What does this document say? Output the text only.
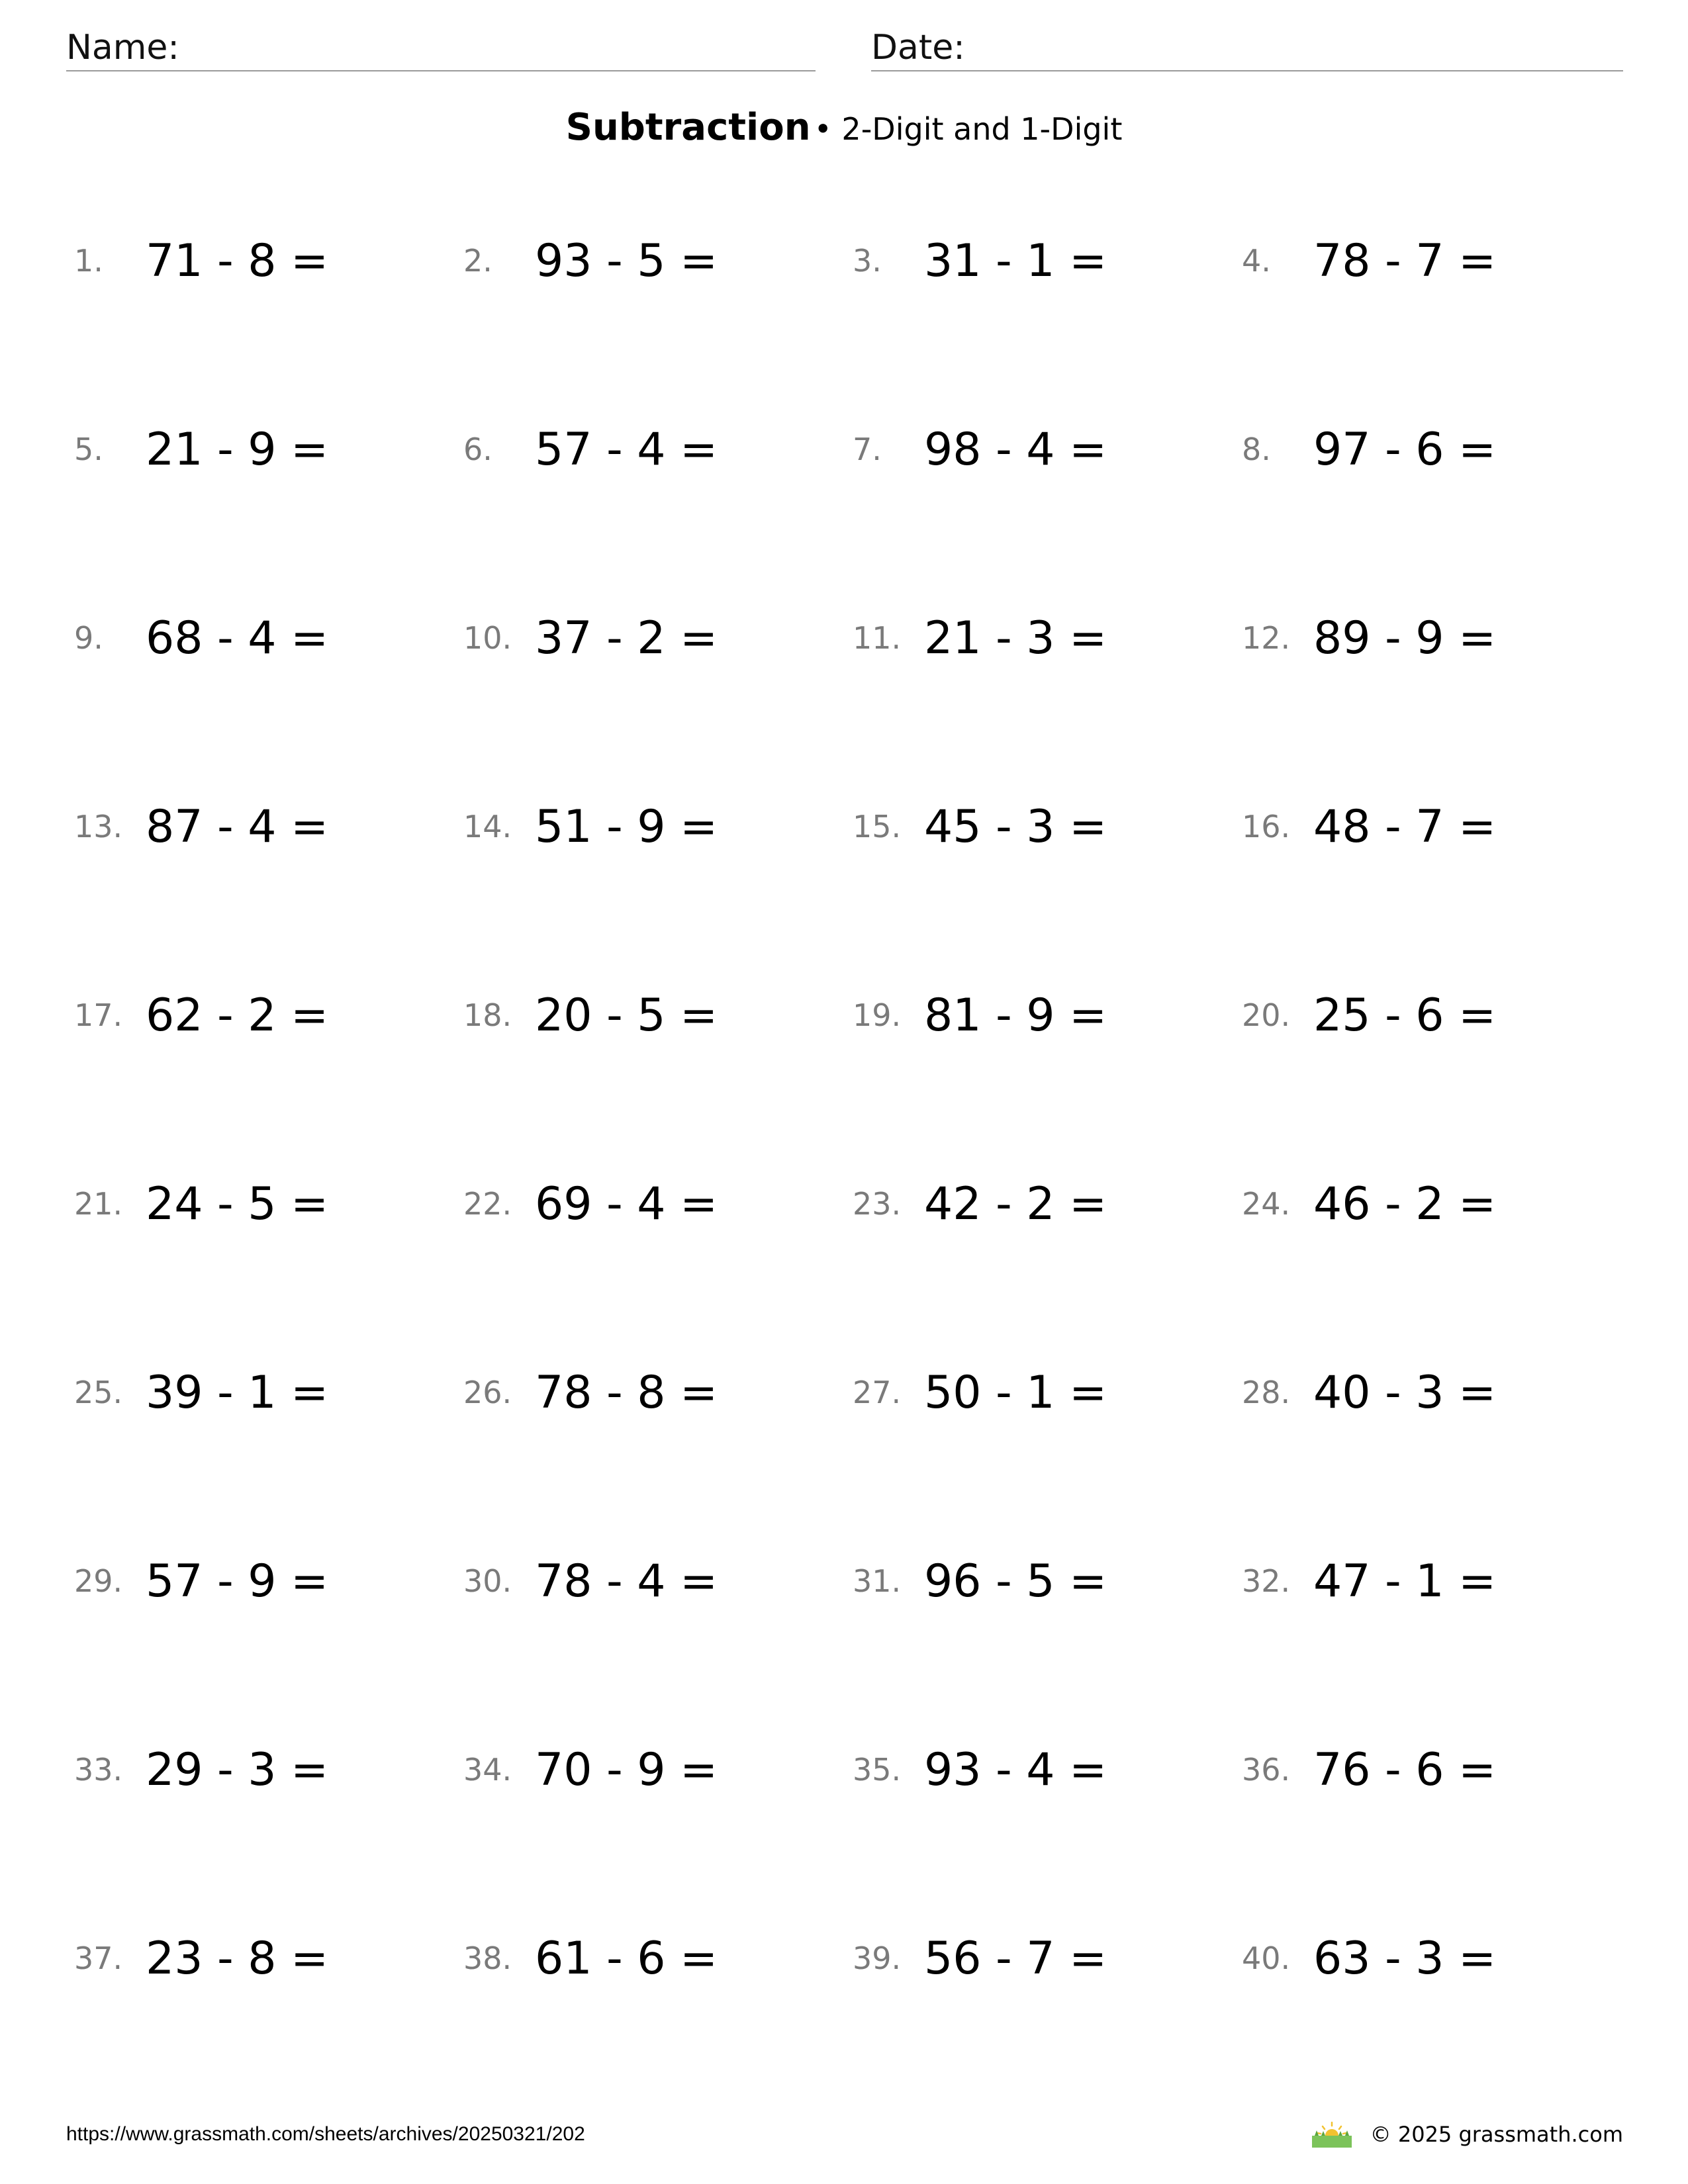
Name:	Date:
Subtraction • 2-Digit and 1-Digit
1. 71 - 8 =	2. 93 - 5 =	3. 31 - 1 =	4. 78 - 7 =
5. 21 - 9 =	6. 57 - 4 =	7. 98 - 4 =	8. 97 - 6 =
9. 68 - 4 =	10. 37 - 2 =	11. 21 - 3 =	12. 89 - 9 =
13. 87 - 4 =	14. 51 - 9 =	15. 45 - 3 =	16. 48 - 7 =
17. 62 - 2 =	18. 20 - 5 =	19. 81 - 9 =	20. 25 - 6 =
21. 24 - 5 =	22. 69 - 4 =	23. 42 - 2 =	24. 46 - 2 =
25. 39 - 1 =	26. 78 - 8 =	27. 50 - 1 =	28. 40 - 3 =
29. 57 - 9 =	30. 78 - 4 =	31. 96 - 5 =	32. 47 - 1 =
33. 29 - 3 =	34. 70 - 9 =	35. 93 - 4 =	36. 76 - 6 =
37. 23 - 8 =	38. 61 - 6 =	39. 56 - 7 =	40. 63 - 3 =
https://www.grassmath.com/sheets/archives/20250321/202	© 2025 grassmath.com
